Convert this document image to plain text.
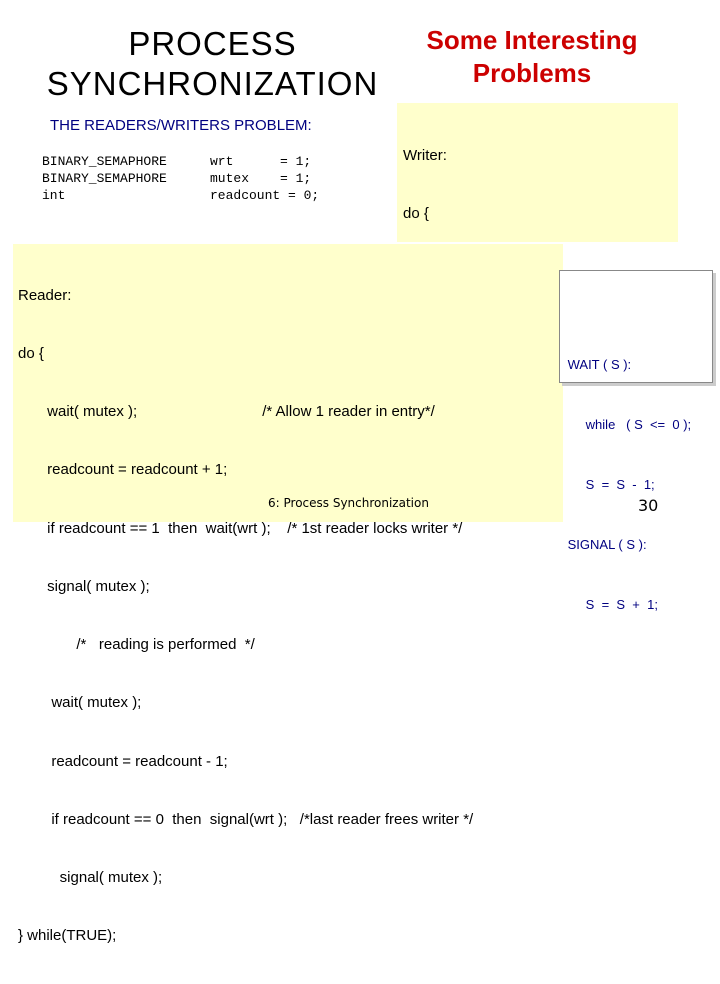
PROCESS
SYNCHRONIZATION
Some Interesting
Problems
THE READERS/WRITERS PROBLEM:
BINARY_SEMAPHORE	wrt	= 1;
BINARY_SEMAPHORE	mutex	= 1;
int	readcount = 0;

Writer:

do {

Reader:

do {

wait( mutex );                              /* Allow 1 reader in entry*/

readcount = readcount + 1;

if readcount == 1  then  wait(wrt );    /* 1st reader locks writer */

signal( mutex );

/*   reading is performed  */

wait( mutex );

readcount = readcount - 1;

if readcount == 0  then  signal(wrt );   /*last reader frees writer */

signal( mutex );

} while(TRUE);

WAIT ( S ):

while   ( S  <=  0 );

S  =  S  -  1;

SIGNAL ( S ):

S  =  S  +  1;

6: Process Synchronization	30
